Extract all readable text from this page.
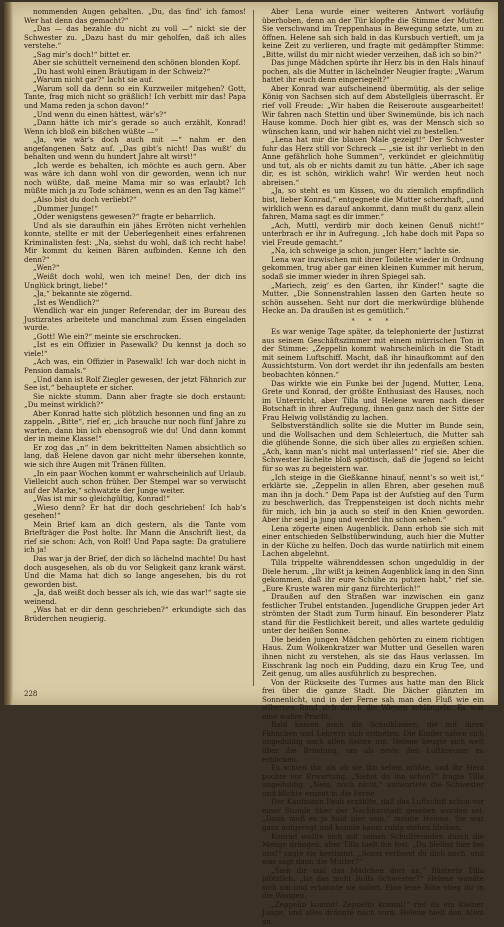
nommenden Augen gehalten. „Du, das find’ ich famos! Wer hat denn das gemacht?“

„Das — das bezahle du nicht zu voll —“ nickt sie der Schwester zu. „Dazu hast du mir geholfen, daß ich alles verstehe.“

„Sag mir’s doch!“ bittet er.

Aber sie schüttelt verneinend den schönen blonden Kopf.

„Du hast wohl einen Bräutigam in der Schweiz?“

„Warum nicht gar?“ lacht sie auf.

„Warum soll da denn so ein Kurzweiler mitgehen? Gott, Tante, frag mich nicht so gräßlich! Ich verbitt mir das! Papa und Mama reden ja schon davon!“

„Und wenn du einen hättest, wär’s?“

„Dann hätte ich mir’s gerade so auch erzählt, Konrad! Wenn ich bloß ein bißchen wüßte —“

„Ja, wie wär’s doch auch mit —“ nahm er den angefangenen Satz auf. „Das gibt’s nicht! Das wußt’ du behalten und wenn du hundert Jahre alt wirst!“

„Ich werde es behalten, ich möchte es auch gern. Aber was wäre ich dann wohl von dir geworden, wenn ich nur noch wüßte, daß meine Mama mir so was erlaubt? Ich müßte mich ja zu Tode schämen, wenn es an den Tag käme!“

„Also bist du doch verliebt?“

„Dummer Junge!“

„Oder wenigstens gewesen?“ fragte er beharrlich.

Und als sie daraufhin ein jähes Erröten nicht verhehlen konnte, stellte er mit der Ueberlegenheit eines erfahrenen Kriminalisten fest: „Na, siehst du wohl, daß ich recht habe! Mir kommt du keinen Bären aufbinden. Kenne ich den denn?“

„Wen?“

„Weißt doch wohl, wen ich meine! Den, der dich ins Unglück bringt, liebe!“

„Ja,“ bekannte sie zögernd.

„Ist es Wendlich?“

Wendlich war ein junger Referendar, der im Bureau des Justizrates arbeitete und manchmal zum Essen eingeladen wurde.

„Gott! Wie ein?“ meinte sie erschrocken.

„Ist es ein Offizier in Pasewalk? Du kennst ja doch so viele!“

„Ach was, ein Offizier in Pasewalk! Ich war doch nicht in Pension damals.“

„Und dann ist Rolf Ziegler gewesen, der jetzt Fähnrich zur See ist,“ behauptete er sicher.

Sie nickte stumm. Dann aber fragte sie doch erstaunt: „Du meinst wirklich?“

Aber Konrad hatte sich plötzlich besonnen und fing an zu zappeln. „Bitte“, rief er, „ich brauche nur noch fünf Jahre zu warten, dann bin ich ebensogroß wie du! Und dann kommt der in meine Klasse!“

Er zog das „n“ in dem bekrittelten Namen absichtlich so lang, daß Helene davon gar nicht mehr übersehen konnte, wie sich ihre Augen mit Tränen füllten.

„In ein paar Wochen kommt er wahrscheinlich auf Urlaub. Vielleicht auch schon früher. Der Stempel war so verwischt auf der Marke,“ schwatzte der Junge weiter.

„Was ist mir so gleichgültig, Konrad!“

„Wieso denn? Er hat dir doch geschrieben! Ich hab’s gesehen!“

Mein Brief kam an dich gestern, als die Tante vom Briefträger die Post holte. Ihr Mann die Anschrift liest, da rief sie schon: Ach, von Rolf! Und Papa sagte: Da gratuliere ich ja!

Das war ja der Brief, der dich so lächelnd machte! Du hast doch ausgesehen, als ob du vor Seligkeit ganz krank wärst. Und die Mama hat dich so lange angesehen, bis du rot geworden bist.

„Ja, daß weißt doch besser als ich, wie das war!“ sagte sie weinend.

„Was hat er dir denn geschrieben?“ erkundigte sich das Brüderchen neugierig.

Aber Lena wurde einer weiteren Antwort vorläufig überhoben, denn an der Tür klopfte die Stimme der Mutter. Sie verschwand im Treppenhaus in Bewegung setzte, um zu öffnen. Helene sah sich bald in das Kursbuch vertieft, um ja keine Zeit zu verlieren, und fragte mit gedämpfter Stimme: „Bitte, willst du mir nicht wieder verzeihen, daß ich so bin?“

Das junge Mädchen spürte ihr Herz bis in den Hals hinauf pochen, als die Mutter in lächelnder Neugier fragte: „Warum hattet ihr euch denn eingeriegelt?“

Aber Konrad war aufscheinend übermütig, als der selige König von Sachsen sich auf dem Abstellgleis überrascht. Er rief voll Freude: „Wir haben die Reiseroute ausgearbeitet! Wir fahren nach Stettin und über Swinemünde, bis ich nach Hause komme. Doch hier gibt es, was der Mensch sich so wünschen kann, und wir haben nicht viel zu bestellen.“

„Lena hat mir die blauen Male gezeigt!“ Der Schwester fuhr das Herz still vor Schreck — „sie ist ihr verliebt in den Anne gefährlich hohe Summen“, verkündet er gleichmütig und tut, als ob er nichts damit zu tun hätte. „Aber ich sage dir, es ist schön, wirklich wahr! Wir werden heut noch abreisen.“

„Ja, so steht es um Kissen, wo du ziemlich empfindlich bist, lieber Konrad,“ entgegnete die Mutter scherzhaft, „und wirklich wenn es darauf ankommt, dann mußt du ganz allein fahren, Mama sagt es dir immer.“

„Ach, Muttl, verdirb mir doch keinen Genuß nicht!“ unterbrach er ihr in Aufregung. „Ich habe doch mit Papa so viel Freude gemacht.“

„Na, ich schweige ja schon, junger Herr,“ lachte sie.

Lena war inzwischen mit ihrer Toilette wieder in Ordnung gekommen, trug aber gar einen kleinen Kummer mit herum, sodaß sie immer wieder in ihren Spiegel sah.

„Mariech, zeig’ es den Garten, ihr Kinder!“ sagte die Mutter. „Die Sonnenstrahlen lassen den Garten heute so schön aussehen. Seht nur dort die merkwürdige blühende Hecke an. Da draußen ist es gemütlich.“

* * *

Es war wenige Tage später, da telephonierte der Justizrat aus seinem Geschäftszimmer mit einem mürrischen Ton in der Stimme: „Zeppelin kommt wahrscheinlich in die Stadt mit seinem Luftschiff. Macht, daß ihr hinaufkommt auf den Aussichtsturm. Von dort werdet ihr ihn jedenfalls am besten beobachten können.“

Das wirkte wie ein Funke bei der Jugend. Mutter, Lena, Grete und Konrad, der größte Enthusiast des Hauses, noch im Unterricht, aber Tilla und Helene waren nach dieser Botschaft in ihrer Aufregung, ihnen ganz nach der Sitte der Frau Helwig vollständig zu lachen.

Selbstverständlich sollte sie die Mutter im Bunde sein, und die Wollsachen und dem Schleiertuch, die Mutter sah die glühende Sonne, die sich über alles zu ergießen schien. „Ach, kann man’s nicht mal unterlassen!“ rief sie. Aber die Schwester lächelte bloß spöttisch, daß die Jugend so leicht für so was zu begeistern war.

„Ich steige in die Gießkanne hinauf, nennt’s so weit ist,“ erklärte sie. „Zeppelin in allen Ehren, aber gesehen muß man ihn ja doch.“ Dem Papa ist der Aufstieg auf den Turm zu beschwerlich, das Treppensteigen ist doch nichts mehr für mich, ich bin ja auch so steif in den Knien geworden. Aber ihr seid ja jung und werdet ihn schon sehen.“

Lena zögerte einen Augenblick. Dann erhob sie sich mit einer entschieden Selbstüberwindung, auch hier die Mutter in der Küche zu helfen. Doch das wurde natürlich mit einem Lachen abgelehnt.

Tilla trippelte währenddessen schon ungeduldig in der Diele herum. „Ihr wißt ja keinen Augenblick lang in den Sinn gekommen, daß ihr eure Schühe zu putzen habt,“ rief sie. „Eure Kruste waren mir ganz fürchterlich!“

Draußen auf den Straßen war inzwischen ein ganz festlicher Trubel entstanden. Jugendliche Gruppen jeder Art strömten der Stadt zum Turm hinauf. Ein besonderer Platz stand für die Festlichkeit bereit, und alles wartete geduldig unter der heißen Sonne.

Die beiden jungen Mädchen gehörten zu einem richtigen Haus. Zum Wolkenkratzer war Mutter und Gesellen waren ihnen nicht zu verstehen, als sie das Haus verlassen. Im Eisschrank lag noch ein Pudding, dazu ein Krug Tee, und Zeit genug, um alles ausführlich zu besprechen.

Von der Rückseite des Turmes aus hatte man den Blick frei über die ganze Stadt. Die Dächer glänzten im Sonnenlicht, und in der Ferne sah man den Fluß wie ein silbernes Band sich durch die Wiesen schlängeln. Es war eine wahre Pracht.

Bald kamen auch die Schulklassen, die mit ihren Fähnchen und Lehrern sich ordneten. Die Kinder sahen sich ungeduldig nach allen Seiten um. Helene beugte sich weit über die Brüstung, um als erste den Luftkreuzer zu erblicken.

Es schien ihr, als ob sie ihn sehen müßte, und ihr Herz pochte vor Erwartung. „Siehst du ihn schon?“ fragte Tilla ungeduldig. „Nein, noch nicht,“ antwortete die Schwester und blickte erneut in die Ferne.

Der Kaufmann Pauli erzählte, daß das Luftschiff schon vor einer Stunde über der Nachbarstadt gesehen worden sei. „Dann muß es ja bald hier sein,“ meinte Helene. Sie war ganz aufgeregt und konnte kaum ruhig stehen bleiben.

Konrad wollte sich mit seinen Schulfreunden durch die Menge drängen, aber Tilla hielt ihn fest. „Du bleibst hier bei uns!“ sagte sie bestimmt. „Sonst verlierst du dich noch, und was sagt dann die Mutter?“

„Sieh dir mal das Mädchen dort an,“ flüsterte Tilla plötzlich. „Ist das nicht Rolfs Schwester?“ Helene wandte sich um und erkannte sie sofort. Eine leise Röte stieg ihr in die Wangen.

„Zeppelin kommt! Zeppelin kommt!“ rief da ein kleiner Junge, und alles drängte nach vorn. Helene hielt den Atem an.

228
